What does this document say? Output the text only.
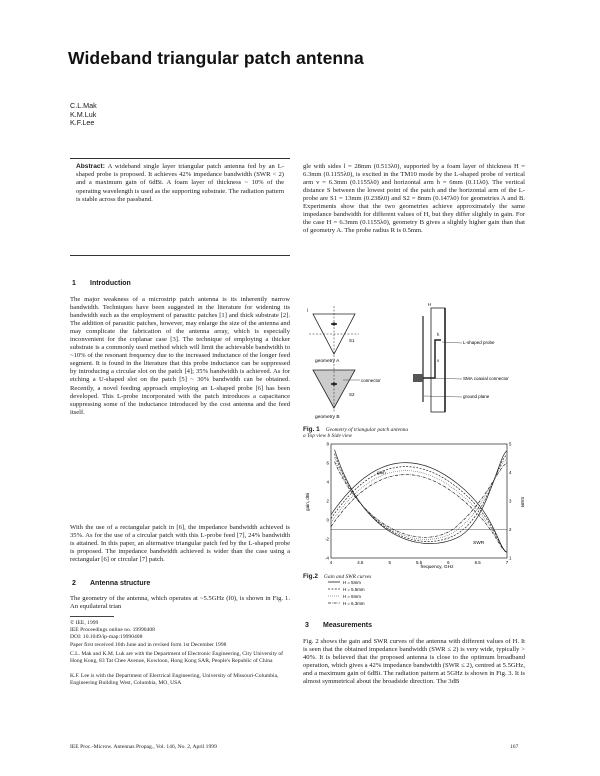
Wideband triangular patch antenna
C.L.Mak
K.M.Luk
K.F.Lee
Abstract: A wideband single layer triangular patch antenna fed by an L-shaped probe is proposed. It achieves 42% impedance bandwidth (SWR < 2) and a maximum gain of 6dBi. A foam layer of thickness ~ 10% of the operating wavelength is used as the supporting substrate. The radiation pattern is stable across the passband.
1 Introduction

The major weakness of a microstrip patch antenna is its inherently narrow bandwidth. Techniques have been suggested in the literature for widening its bandwidth such as the employment of parasitic patches [1] and thick substrate [2]. The addition of parasitic patches, however, may enlarge the size of the antenna and may complicate the fabrication of the antenna array, which is especially inconvenient for the coplanar case [3]. The technique of employing a thicker substrate is a commonly used method which will limit the achievable bandwidth to ~10% of the resonant frequency due to the increased inductance of the longer feed segment. It is found in the literature that this probe inductance can be suppressed by introducing a circular slot on the patch [4]; 35% bandwidth is achieved. As for etching a U-shaped slot on the patch [5] ~ 30% bandwidth can be obtained. Recently, a novel feeding approach employing an L-shaped probe [6] has been developed. This L-probe incorporated with the patch introduces a capacitance suppressing some of the inductance introduced by the cost antenna and the feed itself.

With the use of a rectangular patch in [6], the impedance bandwidth achieved is 35%. As for the use of a circular patch with this L-probe feed [7], 24% bandwidth is attained. In this paper, an alternative triangular patch fed by the L-shaped probe is proposed. The impedance bandwidth achieved is wider than the case using a rectangular [6] or circular [7] patch.

2 Antenna structure

The geometry of the antenna, which operates at ~5.5GHz (f0), is shown in Fig. 1. An equilateral trian

© IEE, 1999
IEE Proceedings online no. 19990408
DOI: 10.1049/ip-map:19990408
Paper first received 16th June and in revised form 1st December 1998
C.L. Mak and K.M. Luk are with the Department of Electronic Engineering, City University of Hong Kong, 83 Tat Chee Avenue, Kowloon, Hong Kong SAR, People's Republic of China
K.F. Lee is with the Department of Electrical Engineering, University of Missouri-Columbia, Engineering Building West, Columbia, MO, USA

gle with sides l = 28mm (0.513λ0), supported by a foam layer of thickness H = 6.3mm (0.1155λ0), is excited in the TM10 mode by the L-shaped probe of vertical arm v = 6.3mm (0.1155λ0) and horizontal arm h = 6mm (0.11λ0). The vertical distance S between the lowest point of the patch and the horizontal arm of the L-probe are S1 = 13mm (0.238λ0) and S2 = 8mm (0.147λ0) for geometries A and B. Experiments show that the two geometries achieve approximately the same impedance bandwidth for different values of H, but they differ slightly in gain. For the case H = 6.3mm (0.1155λ0), geometry B gives a slightly higher gain than that of geometry A. The probe radius R is 0.5mm.

l
S1
geometry A
connector
S2
geometry B
H
h
v
L-shaped probe
SMA coaxial connector
ground plane
Fig. 1 Geometry of triangular patch antenna
a Top view b Side view
4	4.5	5	5.5	6	6.5	7
-4
-2
0
2
4
6
8
1
2
3
4
5
frequency, GHz
gain, dBi	SWR
gain
SWR
Fig.2 Gain and SWR curves
H = 5mm
H = 5.5mm
H = 6mm
H = 6.3mm
3 Measurements

Fig. 2 shows the gain and SWR curves of the antenna with different values of H. It is seen that the obtained impedance bandwidth (SWR ≤ 2) is very wide, typically > 40%. It is believed that the proposed antenna is close to the optimum broadband operation, which gives a 42% impedance bandwidth (SWR ≤ 2), centred at 5.5GHz, and a maximum gain of 6dBi. The radiation pattern at 5GHz is shown in Fig. 3. It is almost symmetrical about the broadside direction. The 3dB

IEE Proc.-Microw. Antennas Propag., Vol. 146, No. 2, April 1999	167
